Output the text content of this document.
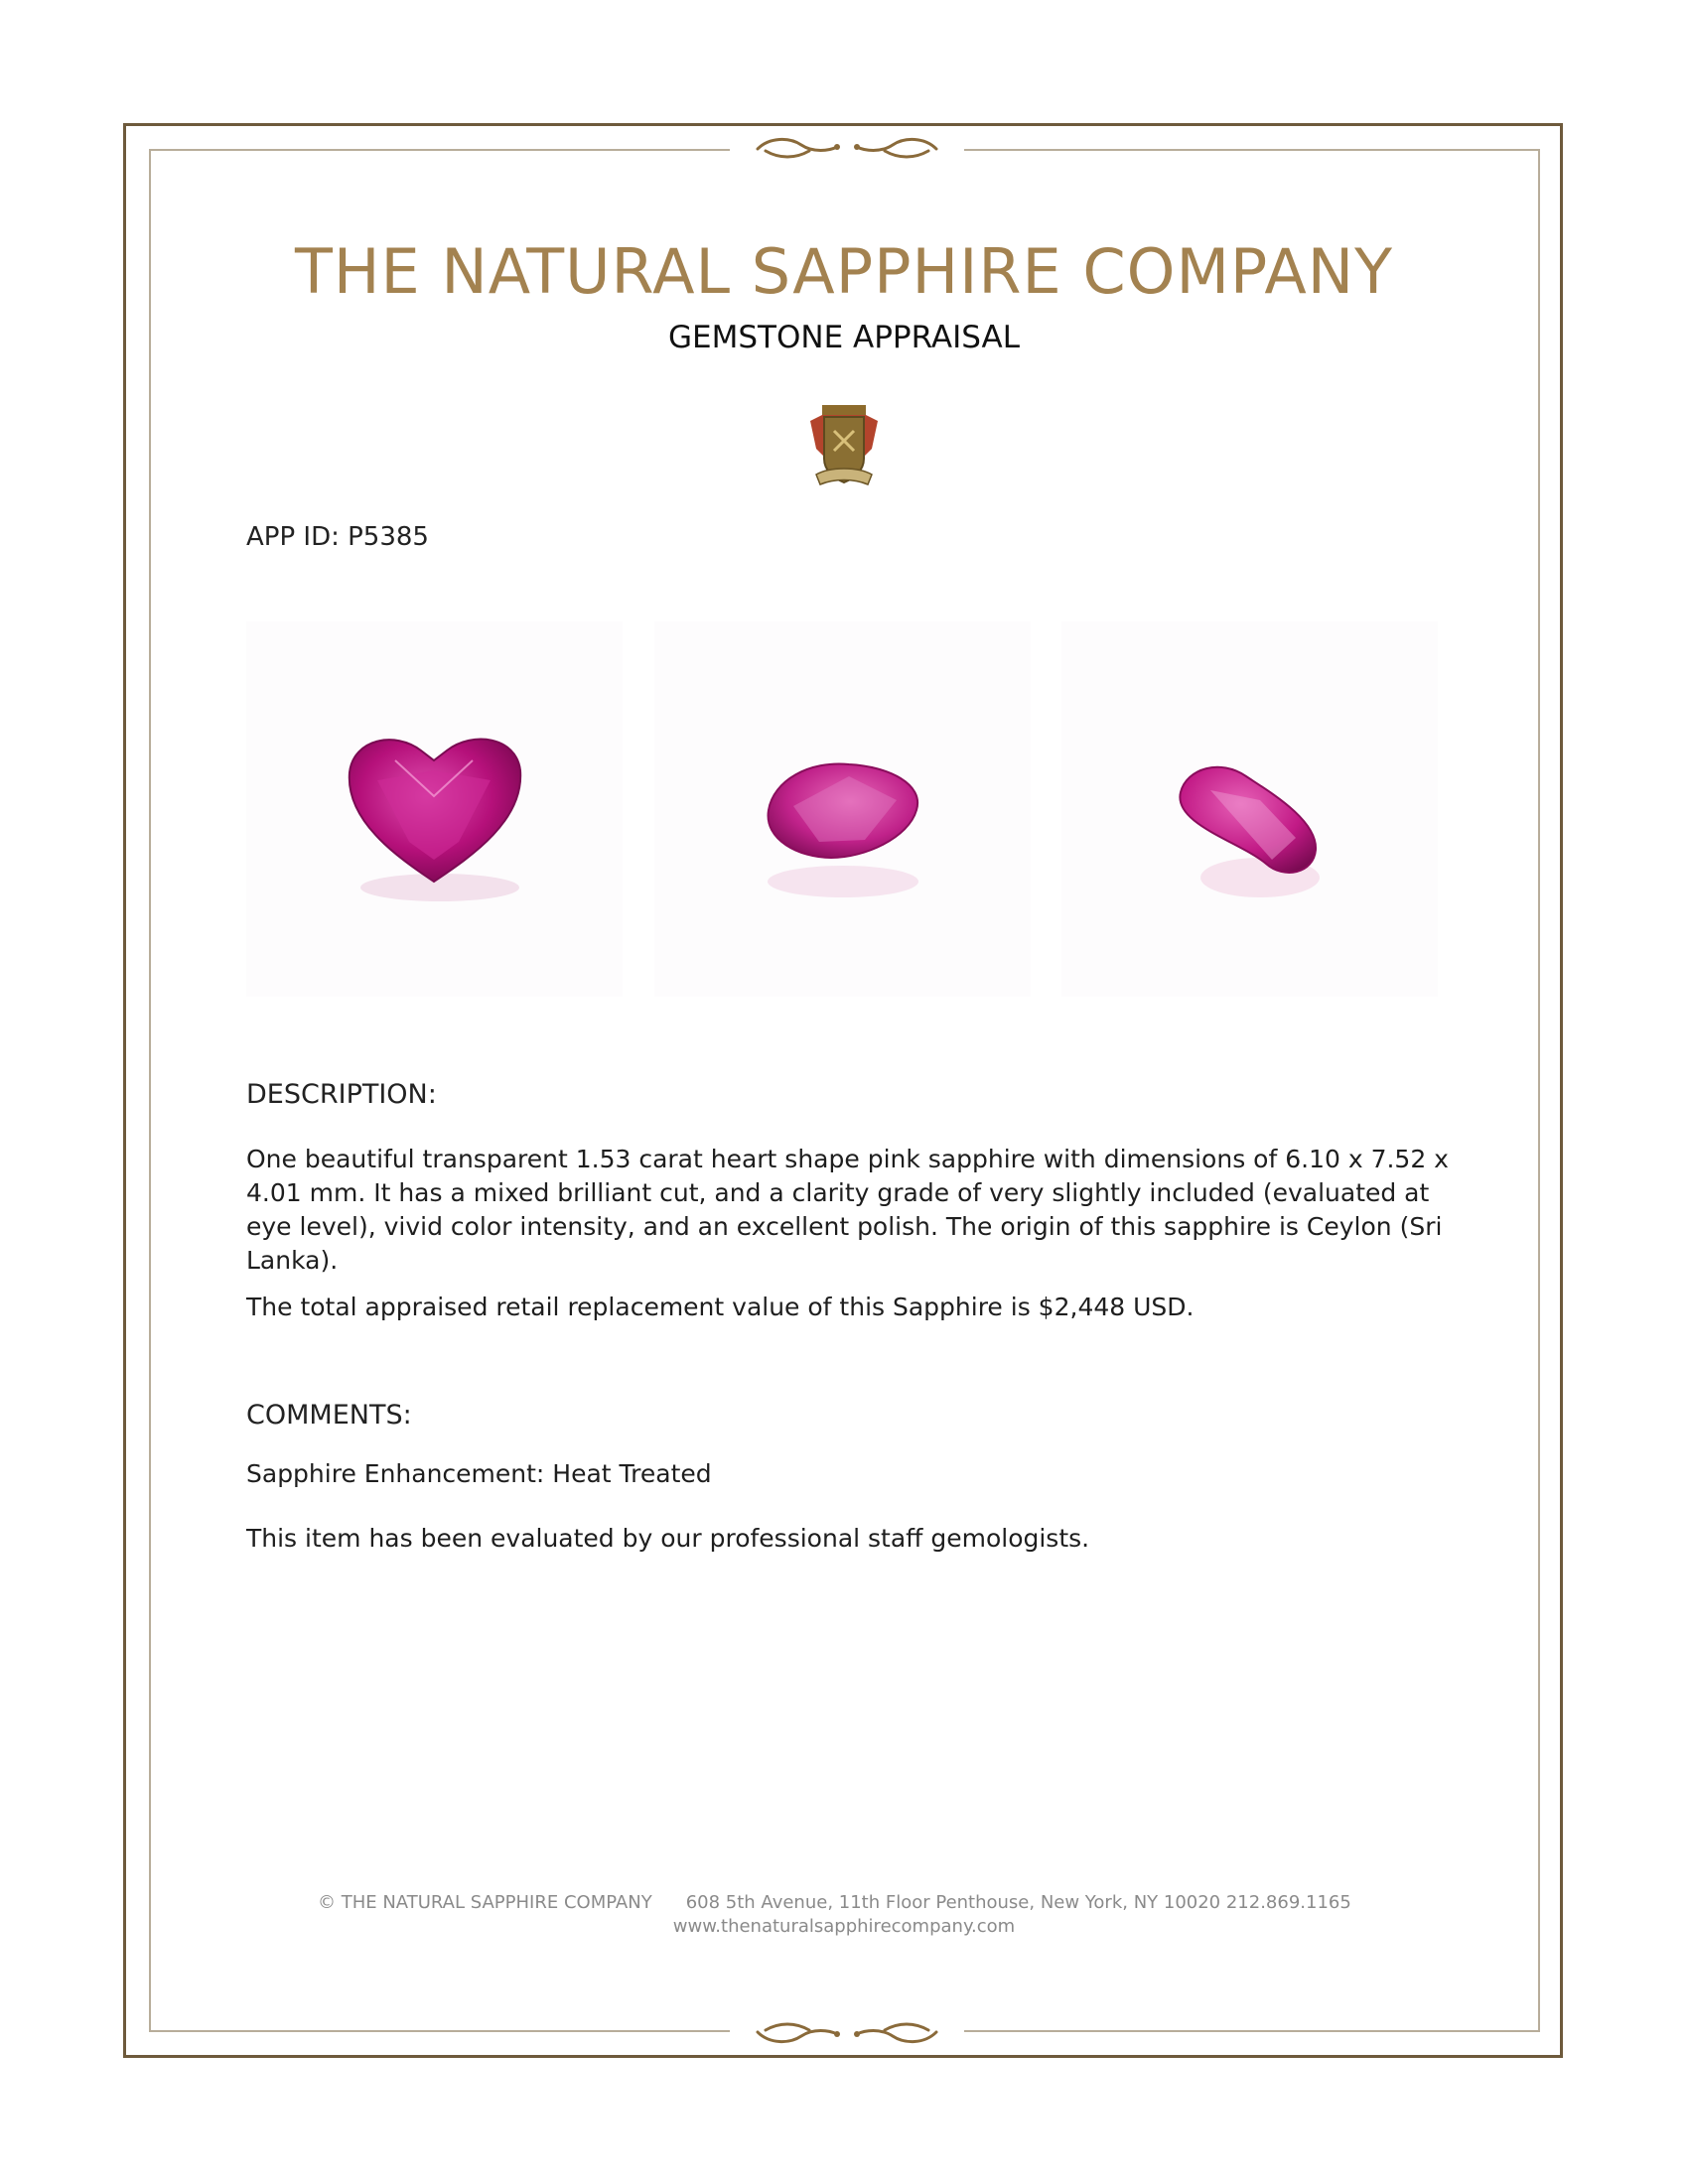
THE NATURAL SAPPHIRE COMPANY
GEMSTONE APPRAISAL
APP ID: P5385
DESCRIPTION:
One beautiful transparent 1.53 carat heart shape pink sapphire with dimensions of 6.10 x 7.52 x 4.01 mm. It has a mixed brilliant cut, and a clarity grade of very slightly included (evaluated at eye level), vivid color intensity, and an excellent polish. The origin of this sapphire is Ceylon (Sri Lanka).
The total appraised retail replacement value of this Sapphire is $2,448 USD.
COMMENTS:
Sapphire Enhancement: Heat Treated
This item has been evaluated by our professional staff gemologists.
© THE NATURAL SAPPHIRE COMPANY 608 5th Avenue, 11th Floor Penthouse, New York, NY 10020 212.869.1165
www.thenaturalsapphirecompany.com
